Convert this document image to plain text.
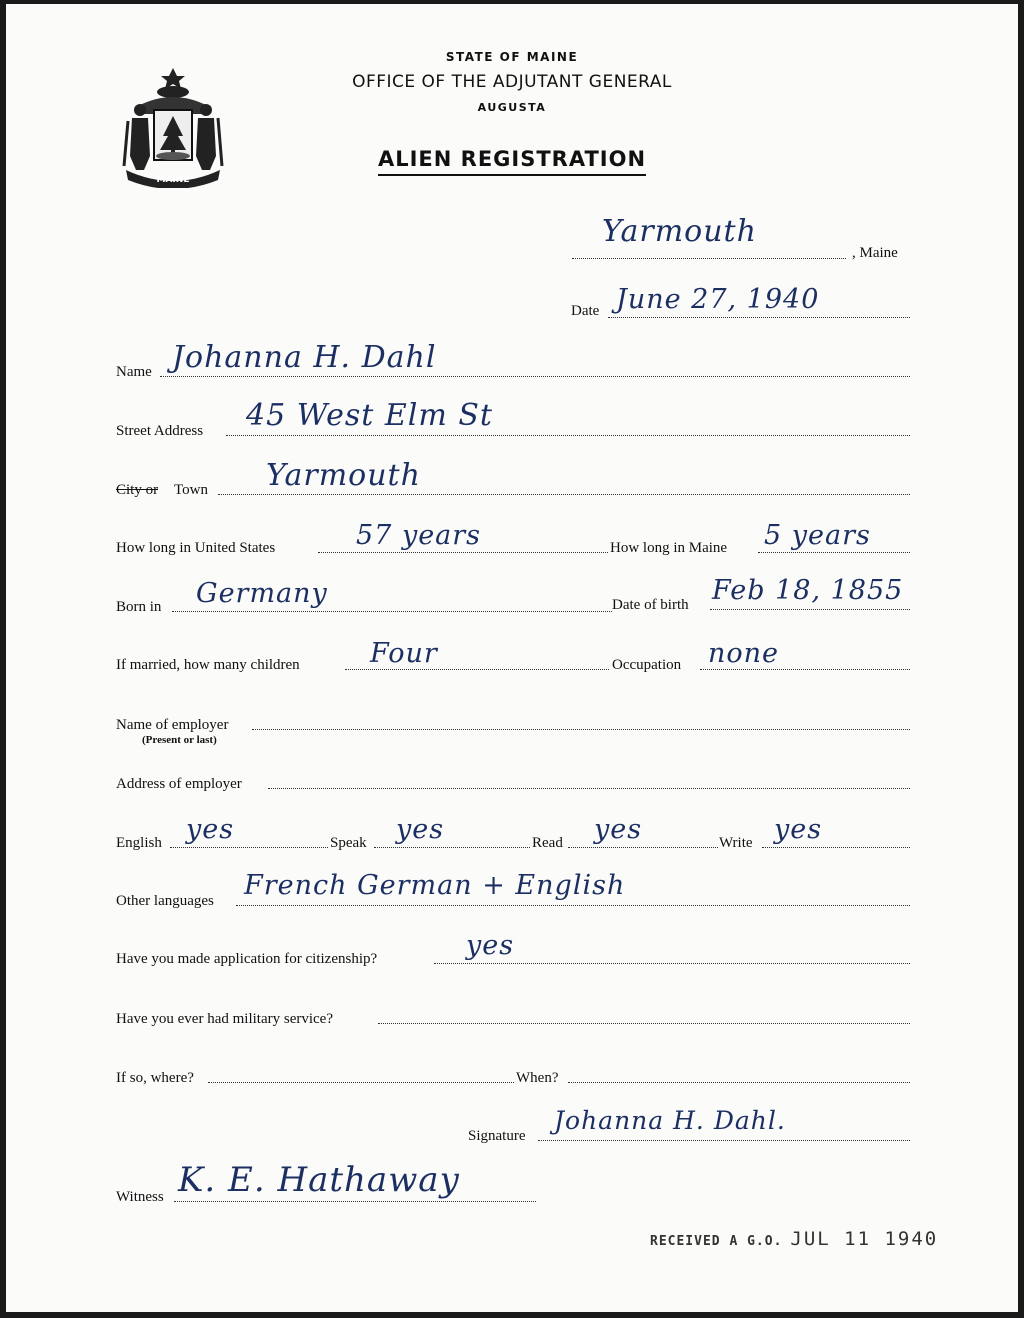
STATE OF MAINE
OFFICE OF THE ADJUTANT GENERAL
AUGUSTA
ALIEN REGISTRATION
MAINE
Yarmouth
, Maine
Date June 27, 1940
Name Johanna H. Dahl
Street Address 45 West Elm St
City or Town Yarmouth
How long in United States	57 years	How long in Maine 5 years
Born in Germany	Date of birth Feb 18, 1855
If married, how many children	Four	Occupation none
Name of employer
(Present or last)
Address of employer
English yes	Speak yes	Read yes	Write yes
Other languages French German + English
Have you made application for citizenship?	yes
Have you ever had military service?
If so, where?	When?
Signature
Johanna H. Dahl.
Witness K. E. Hathaway
RECEIVED A G.O. JUL 11 1940
